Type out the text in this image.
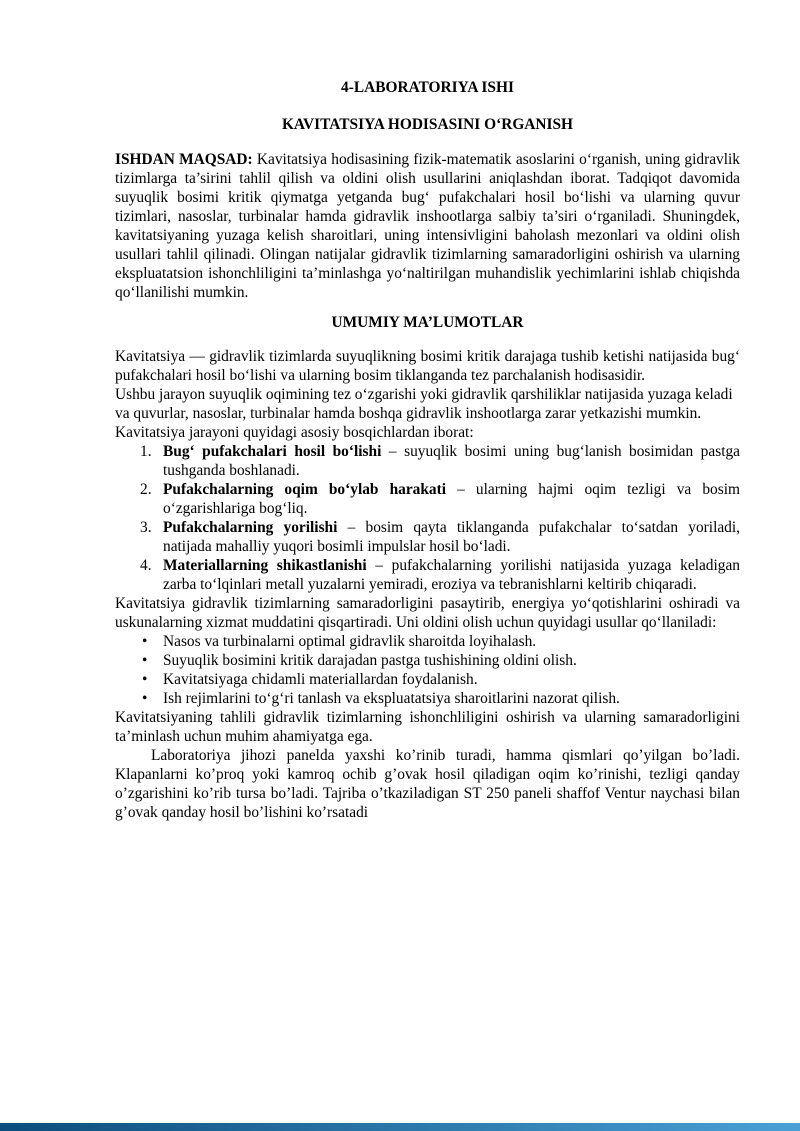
4-LABORATORIYA ISHI

KAVITATSIYA HODISASINI O‘RGANISH

ISHDAN MAQSAD: Kavitatsiya hodisasining fizik-matematik asoslarini o‘rganish, uning gidravlik tizimlarga ta’sirini tahlil qilish va oldini olish usullarini aniqlashdan iborat. Tadqiqot davomida suyuqlik bosimi kritik qiymatga yetganda bug‘ pufakchalari hosil bo‘lishi va ularning quvur tizimlari, nasoslar, turbinalar hamda gidravlik inshootlarga salbiy ta’siri o‘rganiladi. Shuningdek, kavitatsiyaning yuzaga kelish sharoitlari, uning intensivligini baholash mezonlari va oldini olish usullari tahlil qilinadi. Olingan natijalar gidravlik tizimlarning samaradorligini oshirish va ularning ekspluatatsion ishonchliligini ta’minlashga yo‘naltirilgan muhandislik yechimlarini ishlab chiqishda qo‘llanilishi mumkin.

UMUMIY MA’LUMOTLAR

Kavitatsiya — gidravlik tizimlarda suyuqlikning bosimi kritik darajaga tushib ketishi natijasida bug‘ pufakchalari hosil bo‘lishi va ularning bosim tiklanganda tez parchalanish hodisasidir.

Ushbu jarayon suyuqlik oqimining tez o‘zgarishi yoki gidravlik qarshiliklar natijasida yuzaga keladi va quvurlar, nasoslar, turbinalar hamda boshqa gidravlik inshootlarga zarar yetkazishi mumkin.

Kavitatsiya jarayoni quyidagi asosiy bosqichlardan iborat:

1. Bug‘ pufakchalari hosil bo‘lishi – suyuqlik bosimi uning bug‘lanish bosimidan pastga tushganda boshlanadi.
2. Pufakchalarning oqim bo‘ylab harakati – ularning hajmi oqim tezligi va bosim o‘zgarishlariga bog‘liq.
3. Pufakchalarning yorilishi – bosim qayta tiklanganda pufakchalar to‘satdan yoriladi, natijada mahalliy yuqori bosimli impulslar hosil bo‘ladi.
4. Materiallarning shikastlanishi – pufakchalarning yorilishi natijasida yuzaga keladigan zarba to‘lqinlari metall yuzalarni yemiradi, eroziya va tebranishlarni keltirib chiqaradi.

Kavitatsiya gidravlik tizimlarning samaradorligini pasaytirib, energiya yo‘qotishlarini oshiradi va uskunalarning xizmat muddatini qisqartiradi. Uni oldini olish uchun quyidagi usullar qo‘llaniladi:

• Nasos va turbinalarni optimal gidravlik sharoitda loyihalash.
• Suyuqlik bosimini kritik darajadan pastga tushishining oldini olish.
• Kavitatsiyaga chidamli materiallardan foydalanish.
• Ish rejimlarini to‘g‘ri tanlash va ekspluatatsiya sharoitlarini nazorat qilish.

Kavitatsiyaning tahlili gidravlik tizimlarning ishonchliligini oshirish va ularning samaradorligini ta’minlash uchun muhim ahamiyatga ega.

Laboratoriya jihozi panelda yaxshi ko’rinib turadi, hamma qismlari qo’yilgan bo’ladi. Klapanlarni ko’proq yoki kamroq ochib g’ovak hosil qiladigan oqim ko’rinishi, tezligi qanday o’zgarishini ko’rib tursa bo’ladi. Tajriba o’tkaziladigan ST 250 paneli shaffof Ventur naychasi bilan g’ovak qanday hosil bo’lishini ko’rsatadi
